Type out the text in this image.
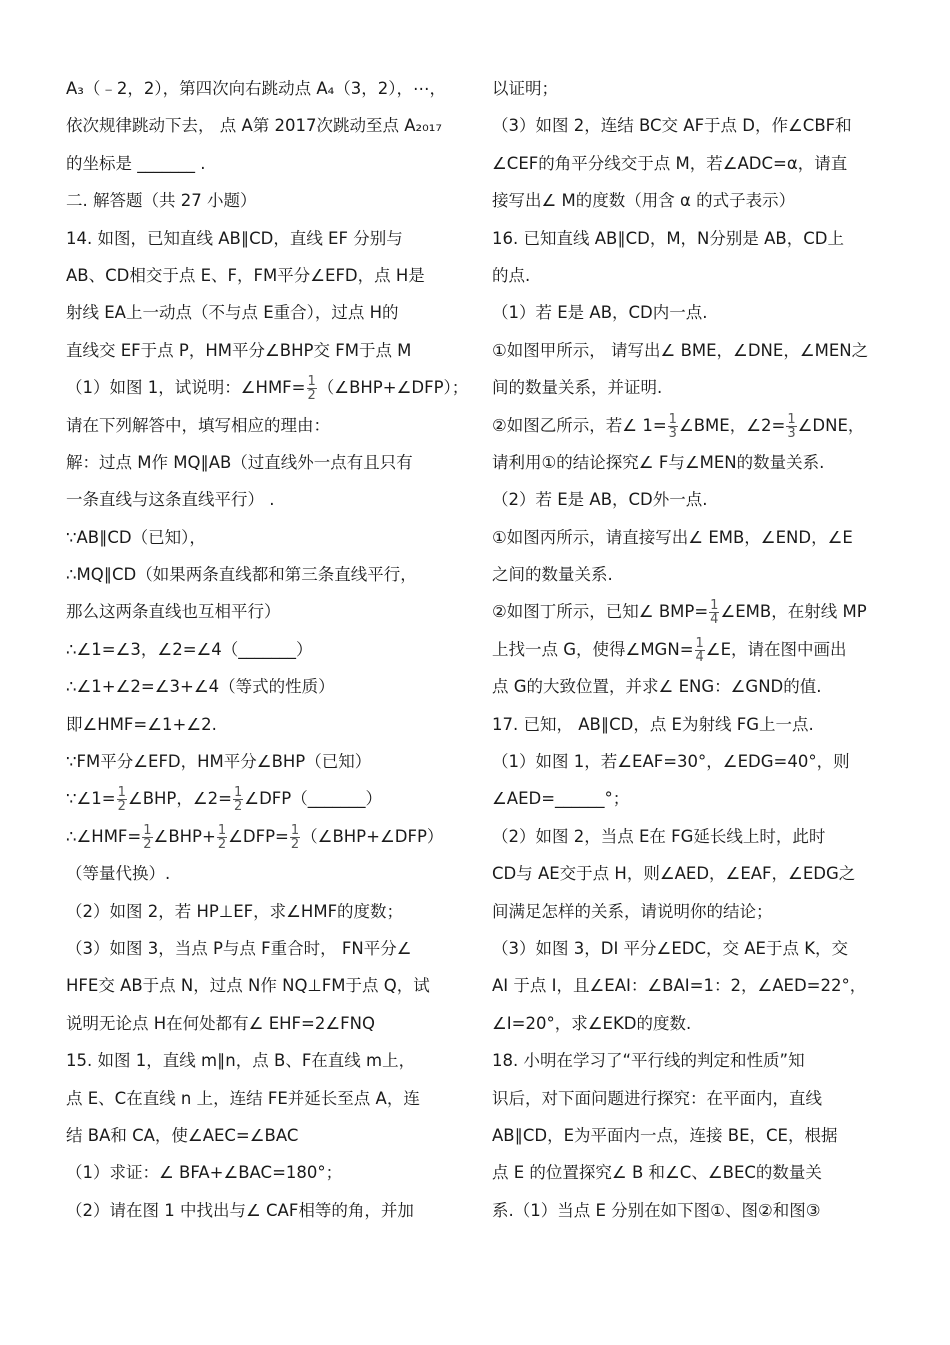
A₃（﹣2，2），第四次向右跳动点 A₄（3，2），⋯，
依次规律跳动下去， 点 A第 2017次跳动至点 A₂₀₁₇
的坐标是 _______ .
二. 解答题（共 27 小题）
14. 如图，已知直线 AB∥CD，直线 EF 分别与
AB、CD相交于点 E、F，FM平分∠EFD，点 H是
射线 EA上一动点（不与点 E重合），过点 H的
直线交 EF于点 P，HM平分∠BHP交 FM于点 M
（1）如图 1，试说明：∠HMF= $\frac{1}{2}$ （∠BHP+∠DFP）；
请在下列解答中，填写相应的理由：
解：过点 M作 MQ∥AB（过直线外一点有且只有
一条直线与这条直线平行） .
∵AB∥CD（已知），
∴MQ∥CD（如果两条直线都和第三条直线平行，
那么这两条直线也互相平行）
∴∠1=∠3，∠2=∠4（_______）
∴∠1+∠2=∠3+∠4（等式的性质）
即∠HMF=∠1+∠2.
∵FM平分∠EFD，HM平分∠BHP（已知）
∵∠1= $\frac{1}{2}$ ∠BHP，∠2= $\frac{1}{2}$ ∠DFP（_______）
∴∠HMF= $\frac{1}{2}$ ∠BHP+ $\frac{1}{2}$ ∠DFP= $\frac{1}{2}$ （∠BHP+∠DFP）
（等量代换）.
（2）如图 2，若 HP⊥EF，求∠HMF的度数；
（3）如图 3，当点 P与点 F重合时， FN平分∠
HFE交 AB于点 N，过点 N作 NQ⊥FM于点 Q，试
说明无论点 H在何处都有∠ EHF=2∠FNQ
15. 如图 1，直线 m∥n，点 B、F在直线 m上，
点 E、C在直线 n 上，连结 FE并延长至点 A，连
结 BA和 CA，使∠AEC=∠BAC
（1）求证：∠ BFA+∠BAC=180°；
（2）请在图 1 中找出与∠ CAF相等的角，并加
以证明；
（3）如图 2，连结 BC交 AF于点 D，作∠CBF和
∠CEF的角平分线交于点 M，若∠ADC=α，请直
接写出∠ M的度数（用含 α 的式子表示）
16. 已知直线 AB∥CD，M，N分别是 AB，CD上
的点.
（1）若 E是 AB，CD内一点.
①如图甲所示， 请写出∠ BME，∠DNE，∠MEN之
间的数量关系，并证明.
②如图乙所示，若∠ $1= \frac{1}{3}$ ∠BME，∠2= $\frac{1}{3}$ ∠DNE，
请利用①的结论探究∠ F与∠MEN的数量关系.
（2）若 E是 AB，CD外一点.
①如图丙所示，请直接写出∠ EMB，∠END，∠E
之间的数量关系.
②如图丁所示，已知∠ $BMP= \frac{1}{4}$ ∠EMB，在射线 MP
上找一点 G，使得∠MGN= $\frac{1}{4}$ ∠E，请在图中画出
点 G的大致位置，并求∠ ENG：∠GND的值.
17. 已知， AB∥CD，点 E为射线 FG上一点.
（1）如图 1，若∠EAF=30°，∠EDG=40°，则
∠AED=______°；
（2）如图 2，当点 E在 FG延长线上时，此时
CD与 AE交于点 H，则∠AED，∠EAF，∠EDG之
间满足怎样的关系，请说明你的结论；
（3）如图 3，DI 平分∠EDC，交 AE于点 K，交
AI 于点 I，且∠EAI：∠BAI=1：2，∠AED=22°，
∠I=20°，求∠EKD的度数.
18. 小明在学习了“平行线的判定和性质”知
识后，对下面问题进行探究：在平面内，直线
AB∥CD，E为平面内一点，连接 BE，CE，根据
点 E 的位置探究∠ B 和∠C、∠BEC的数量关
系.（1）当点 E 分别在如下图①、图②和图③
